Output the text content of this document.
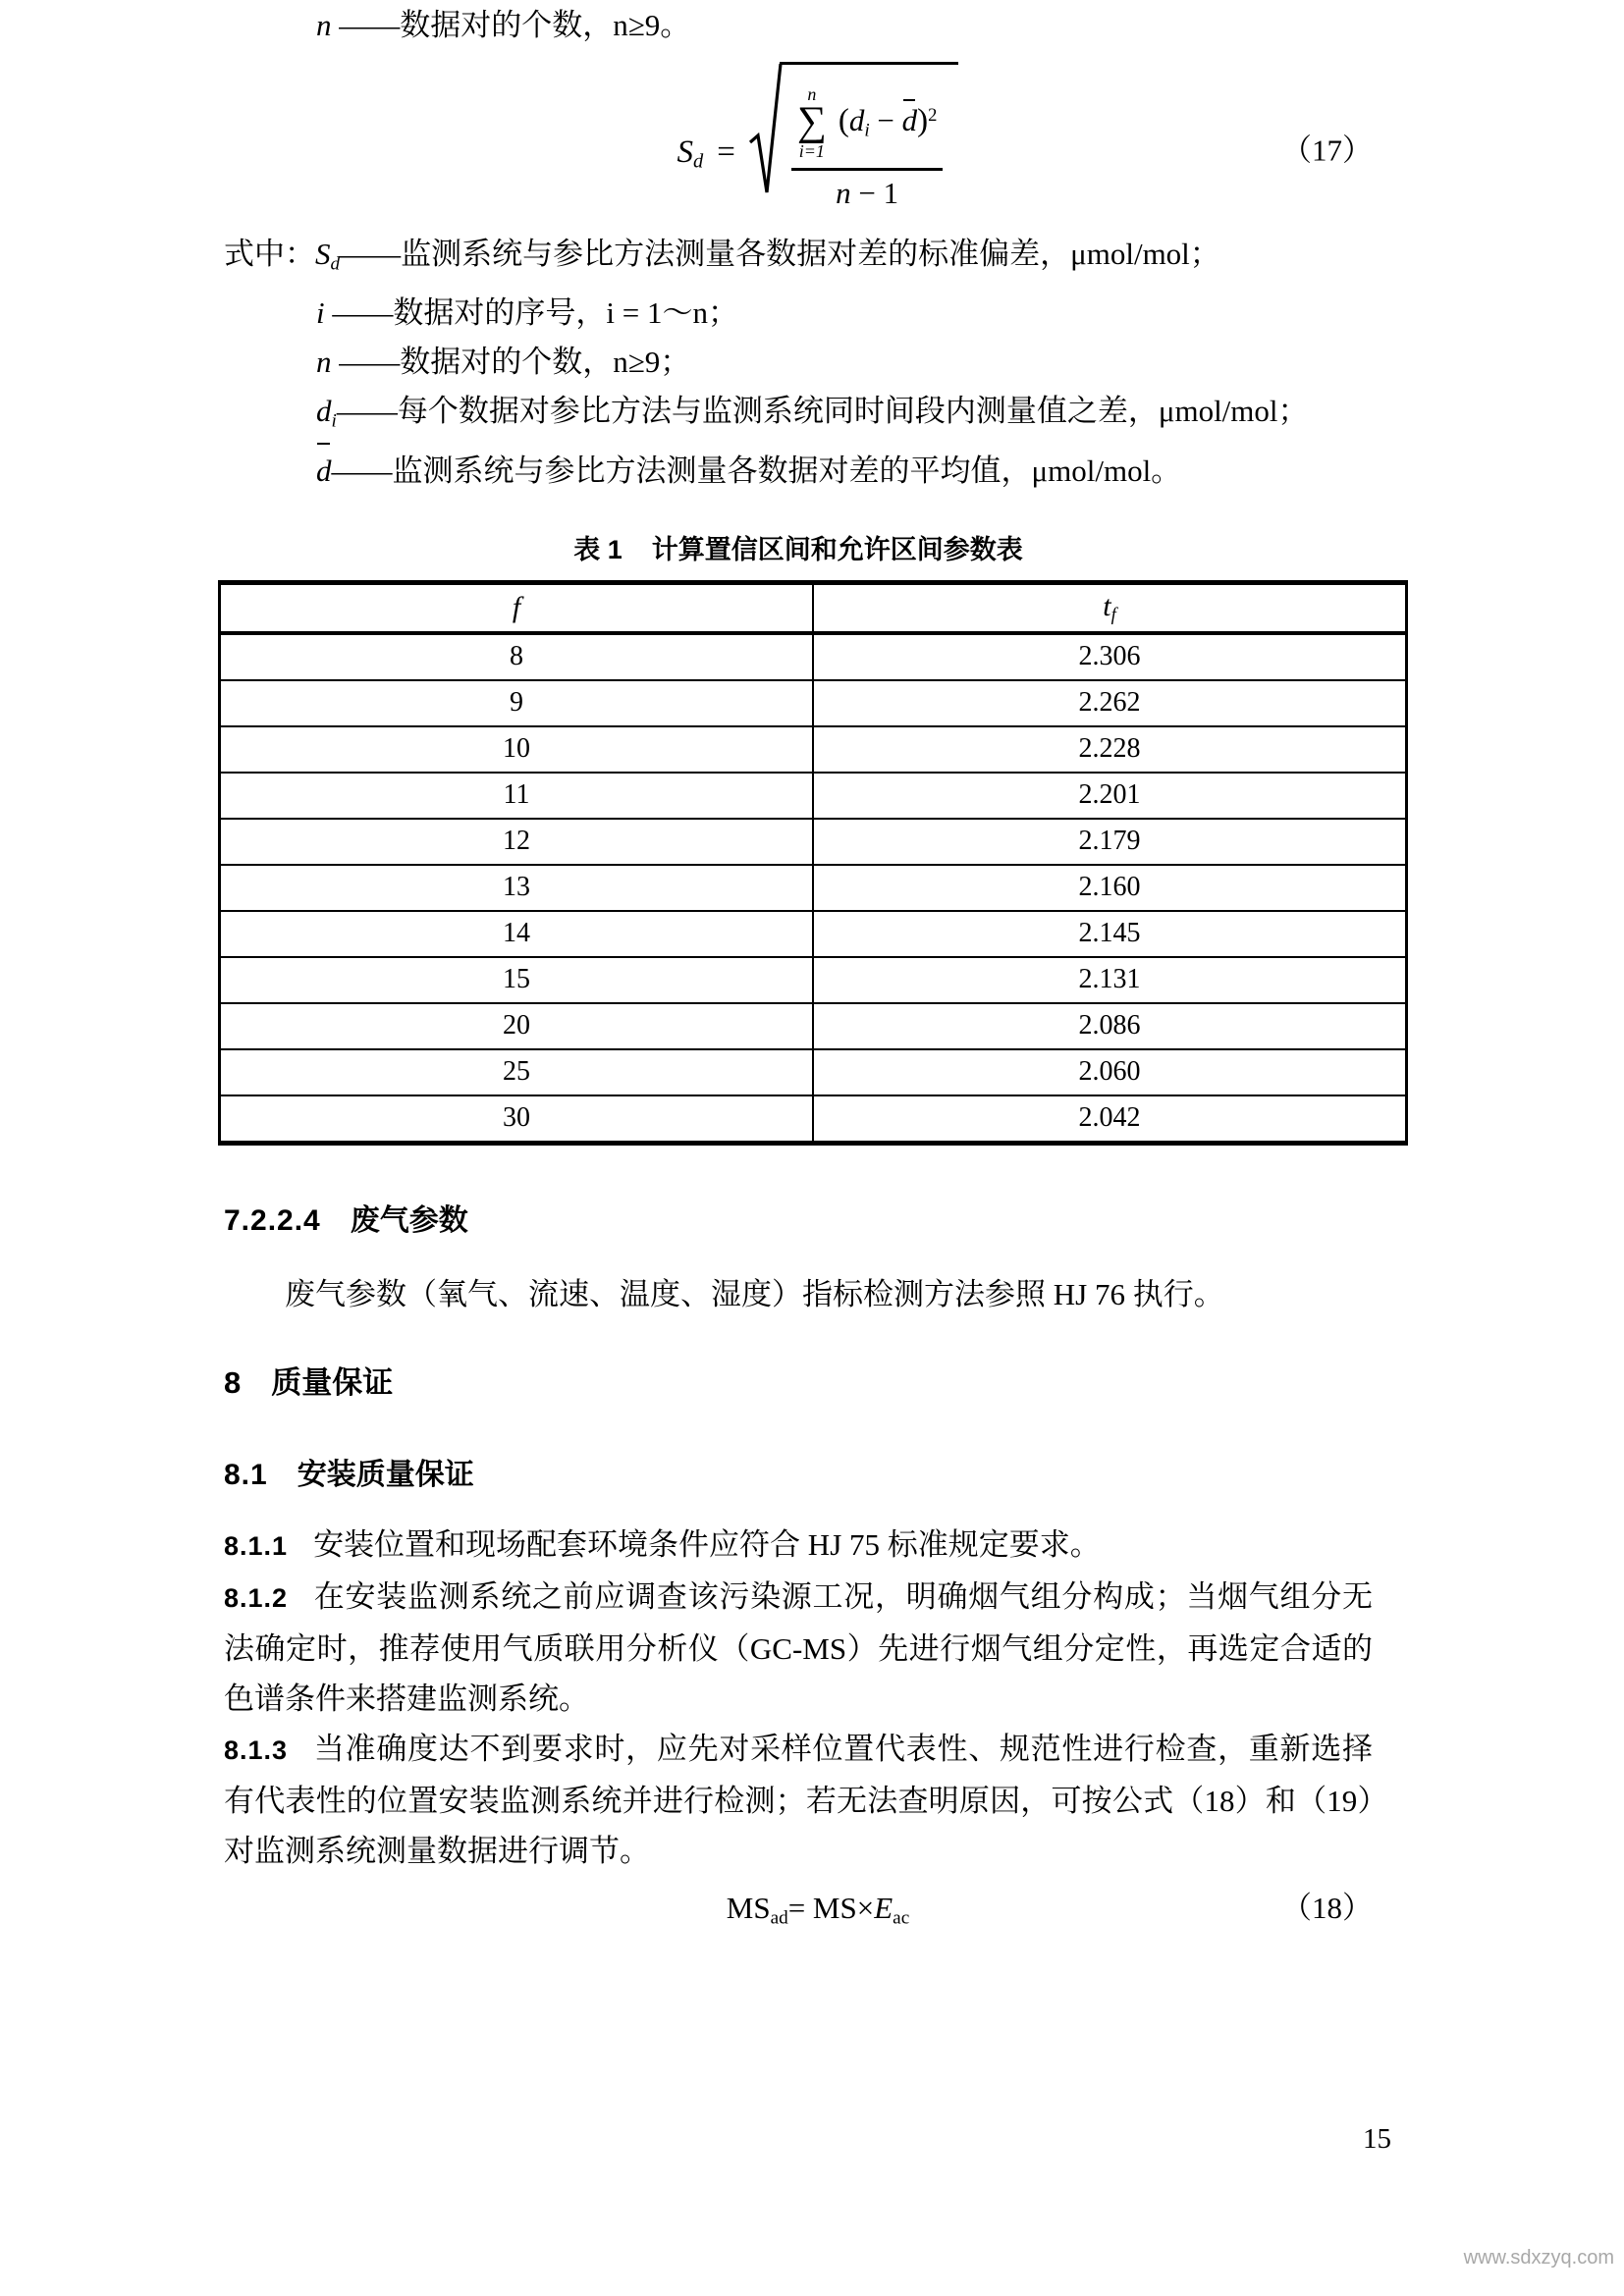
n ——数据对的个数，n≥9。
$S_d$ =
n
∑
i=1
$(d_i - d)^2$
n − 1
（17）
式中：$S_d——$监测系统与参比方法测量各数据对差的标准偏差，μmol/mol；
i ——数据对的序号，i = 1～n；
n ——数据对的个数，n≥9；
$d_i——$每个数据对参比方法与监测系统同时间段内测量值之差，μmol/mol；
d——监测系统与参比方法测量各数据对差的平均值，μmol/mol。
表 1 计算置信区间和允许区间参数表
f	$t_f$
8	2.306
9	2.262
10	2.228
11	2.201
12	2.179
13	2.160
14	2.145
15	2.131
20	2.086
25	2.060
30	2.042
7.2.2.4 废气参数

废气参数（氧气、流速、温度、湿度）指标检测方法参照 HJ 76 执行。

8 质量保证
8.1 安装质量保证

8.1.1 安装位置和现场配套环境条件应符合 HJ 75 标准规定要求。

8.1.2 在安装监测系统之前应调查该污染源工况，明确烟气组分构成；当烟气组分无法确定时，推荐使用气质联用分析仪（GC-MS）先进行烟气组分定性，再选定合适的色谱条件来搭建监测系统。

8.1.3 当准确度达不到要求时，应先对采样位置代表性、规范性进行检查，重新选择有代表性的位置安装监测系统并进行检测；若无法查明原因，可按公式（18）和（19）对监测系统测量数据进行调节。

MSad= MS×Eac	（18）
15
www.sdxzyq.com
